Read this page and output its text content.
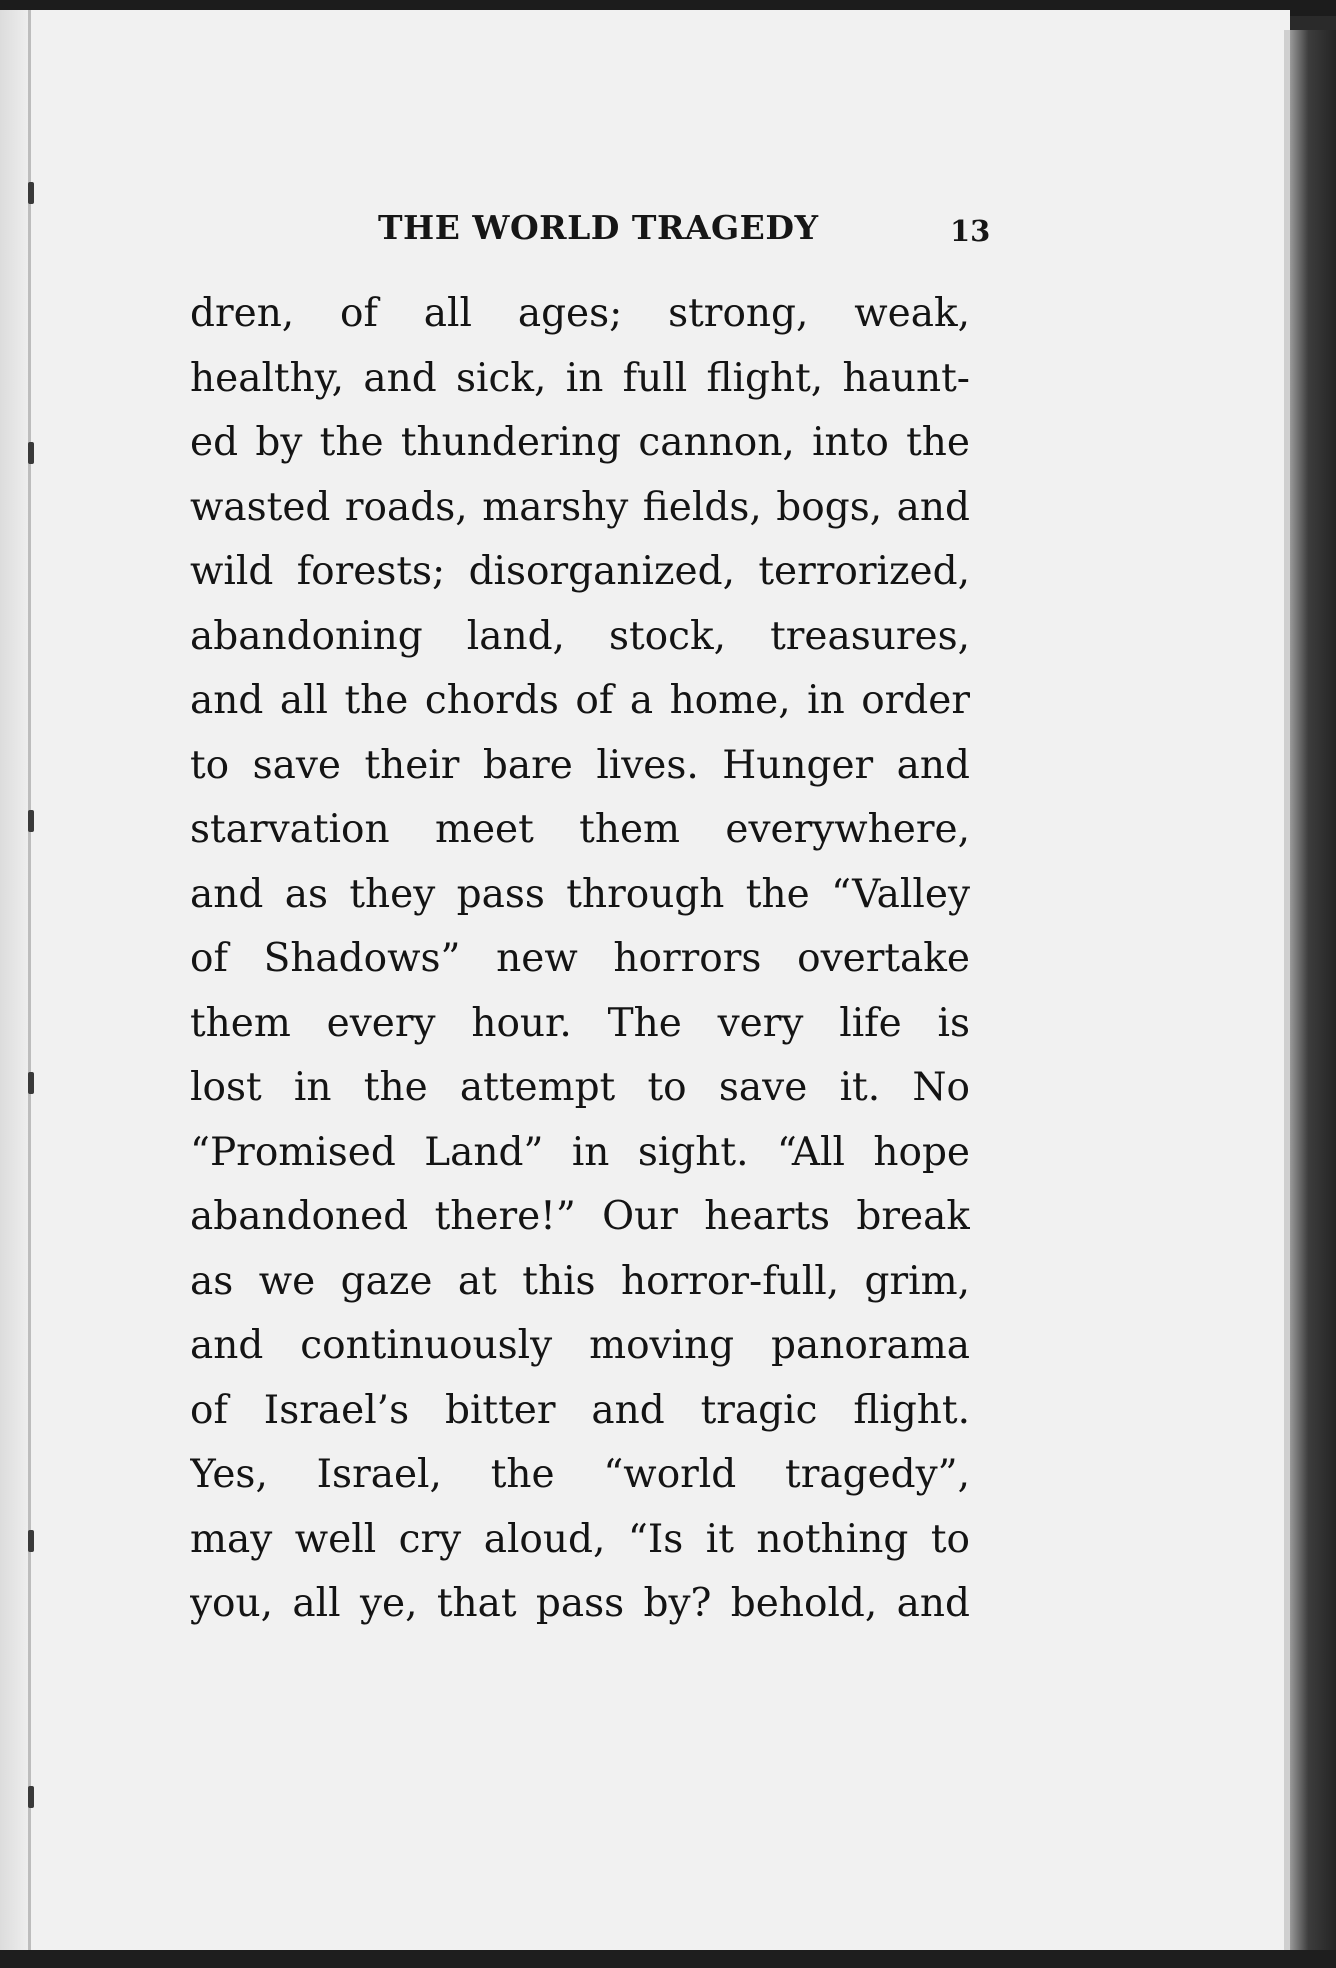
THE WORLD TRAGEDY	13
dren, of all ages; strong, weak,
healthy, and sick, in full flight, haunt-
ed by the thundering cannon, into the
wasted roads, marshy fields, bogs, and
wild forests; disorganized, terrorized,
abandoning land, stock, treasures,
and all the chords of a home, in order
to save their bare lives. Hunger and
starvation meet them everywhere,
and as they pass through the “Valley
of Shadows” new horrors overtake
them every hour. The very life is
lost in the attempt to save it. No
“Promised Land” in sight. “All hope
abandoned there!” Our hearts break
as we gaze at this horror-full, grim,
and continuously moving panorama
of Israel’s bitter and tragic flight.
Yes, Israel, the “world tragedy”,
may well cry aloud, “Is it nothing to
you, all ye, that pass by? behold, and
